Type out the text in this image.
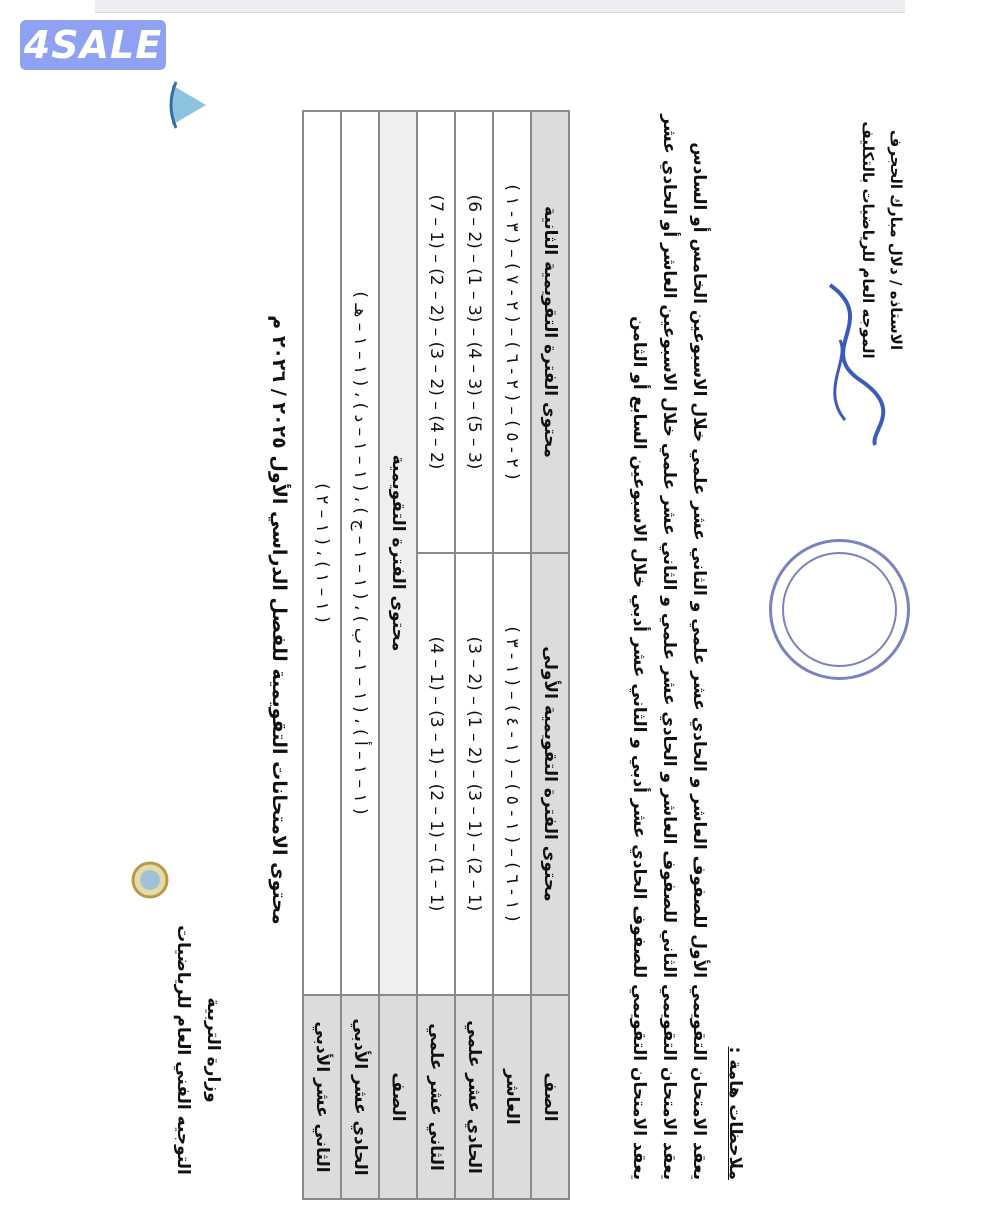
4SALE
وزارة التربية
التوجيه الفني العام للرياضيات
محتوى الامتحانات التقويمية للفصل الدراسي الأول ٢٠٢٥ / ٢٠٢٦ م
الصف	محتوى الفترة التقويمية الأولى	محتوى الفترة التقويمية الثانية
العاشر	( ١ - ٦ ) – ( ١ - ٥ ) – ( ١ - ٤ ) – ( ١ - ٣ )	( ٢ - ٥ ) – ( ٢ - ٦ ) – ( ٢ - ٧ ) – ( ٣ - ١ )
الحادي عشر علمي	(1 – 2) – (1 – 3) – (2 – 1) – (2 – 3)	(3 – 5) – (3 – 4) – (3 – 1) – (2 – 6)
الثاني عشر علمي	(1 – 1) – (1 – 2) – (1 – 3) – (1 – 4)	(2 – 4) – (2 – 3) – (2 – 2) – (1 – 7)
الصف	محتوى الفترة التقويمية	
الحادي عشر الأدبي	( ١ – ١ – أ ) ، ( ١ – ١ – ب ) ، ( ١ – ١ – ج ) ، ( ١ – ١ – د ) ، ( ١ – ١ – هـ )	
الثاني عشر الأدبي	( ١ – ١ ) ، ( ١ – ٢ )	
ملاحظات هامة :
يعقد الامتحان التقويمي الأول للصفوف العاشر و الحادي عشر علمي و الثاني عشر علمي خلال الاسبوعين الخامس أو السادس
يعقد الامتحان التقويمي الثاني للصفوف العاشر و الحادي عشر علمي و الثاني عشر علمي خلال الاسبوعين العاشر أو الحادي عشر
يعقد الامتحان التقويمي للصفوف الحادي عشر أدبي و الثاني عشر أدبي خلال الاسبوعين السابع أو الثامن
الاستاذه / دلال مبارك الحجرف
الموجه العام للرياضيات بالتكليف
